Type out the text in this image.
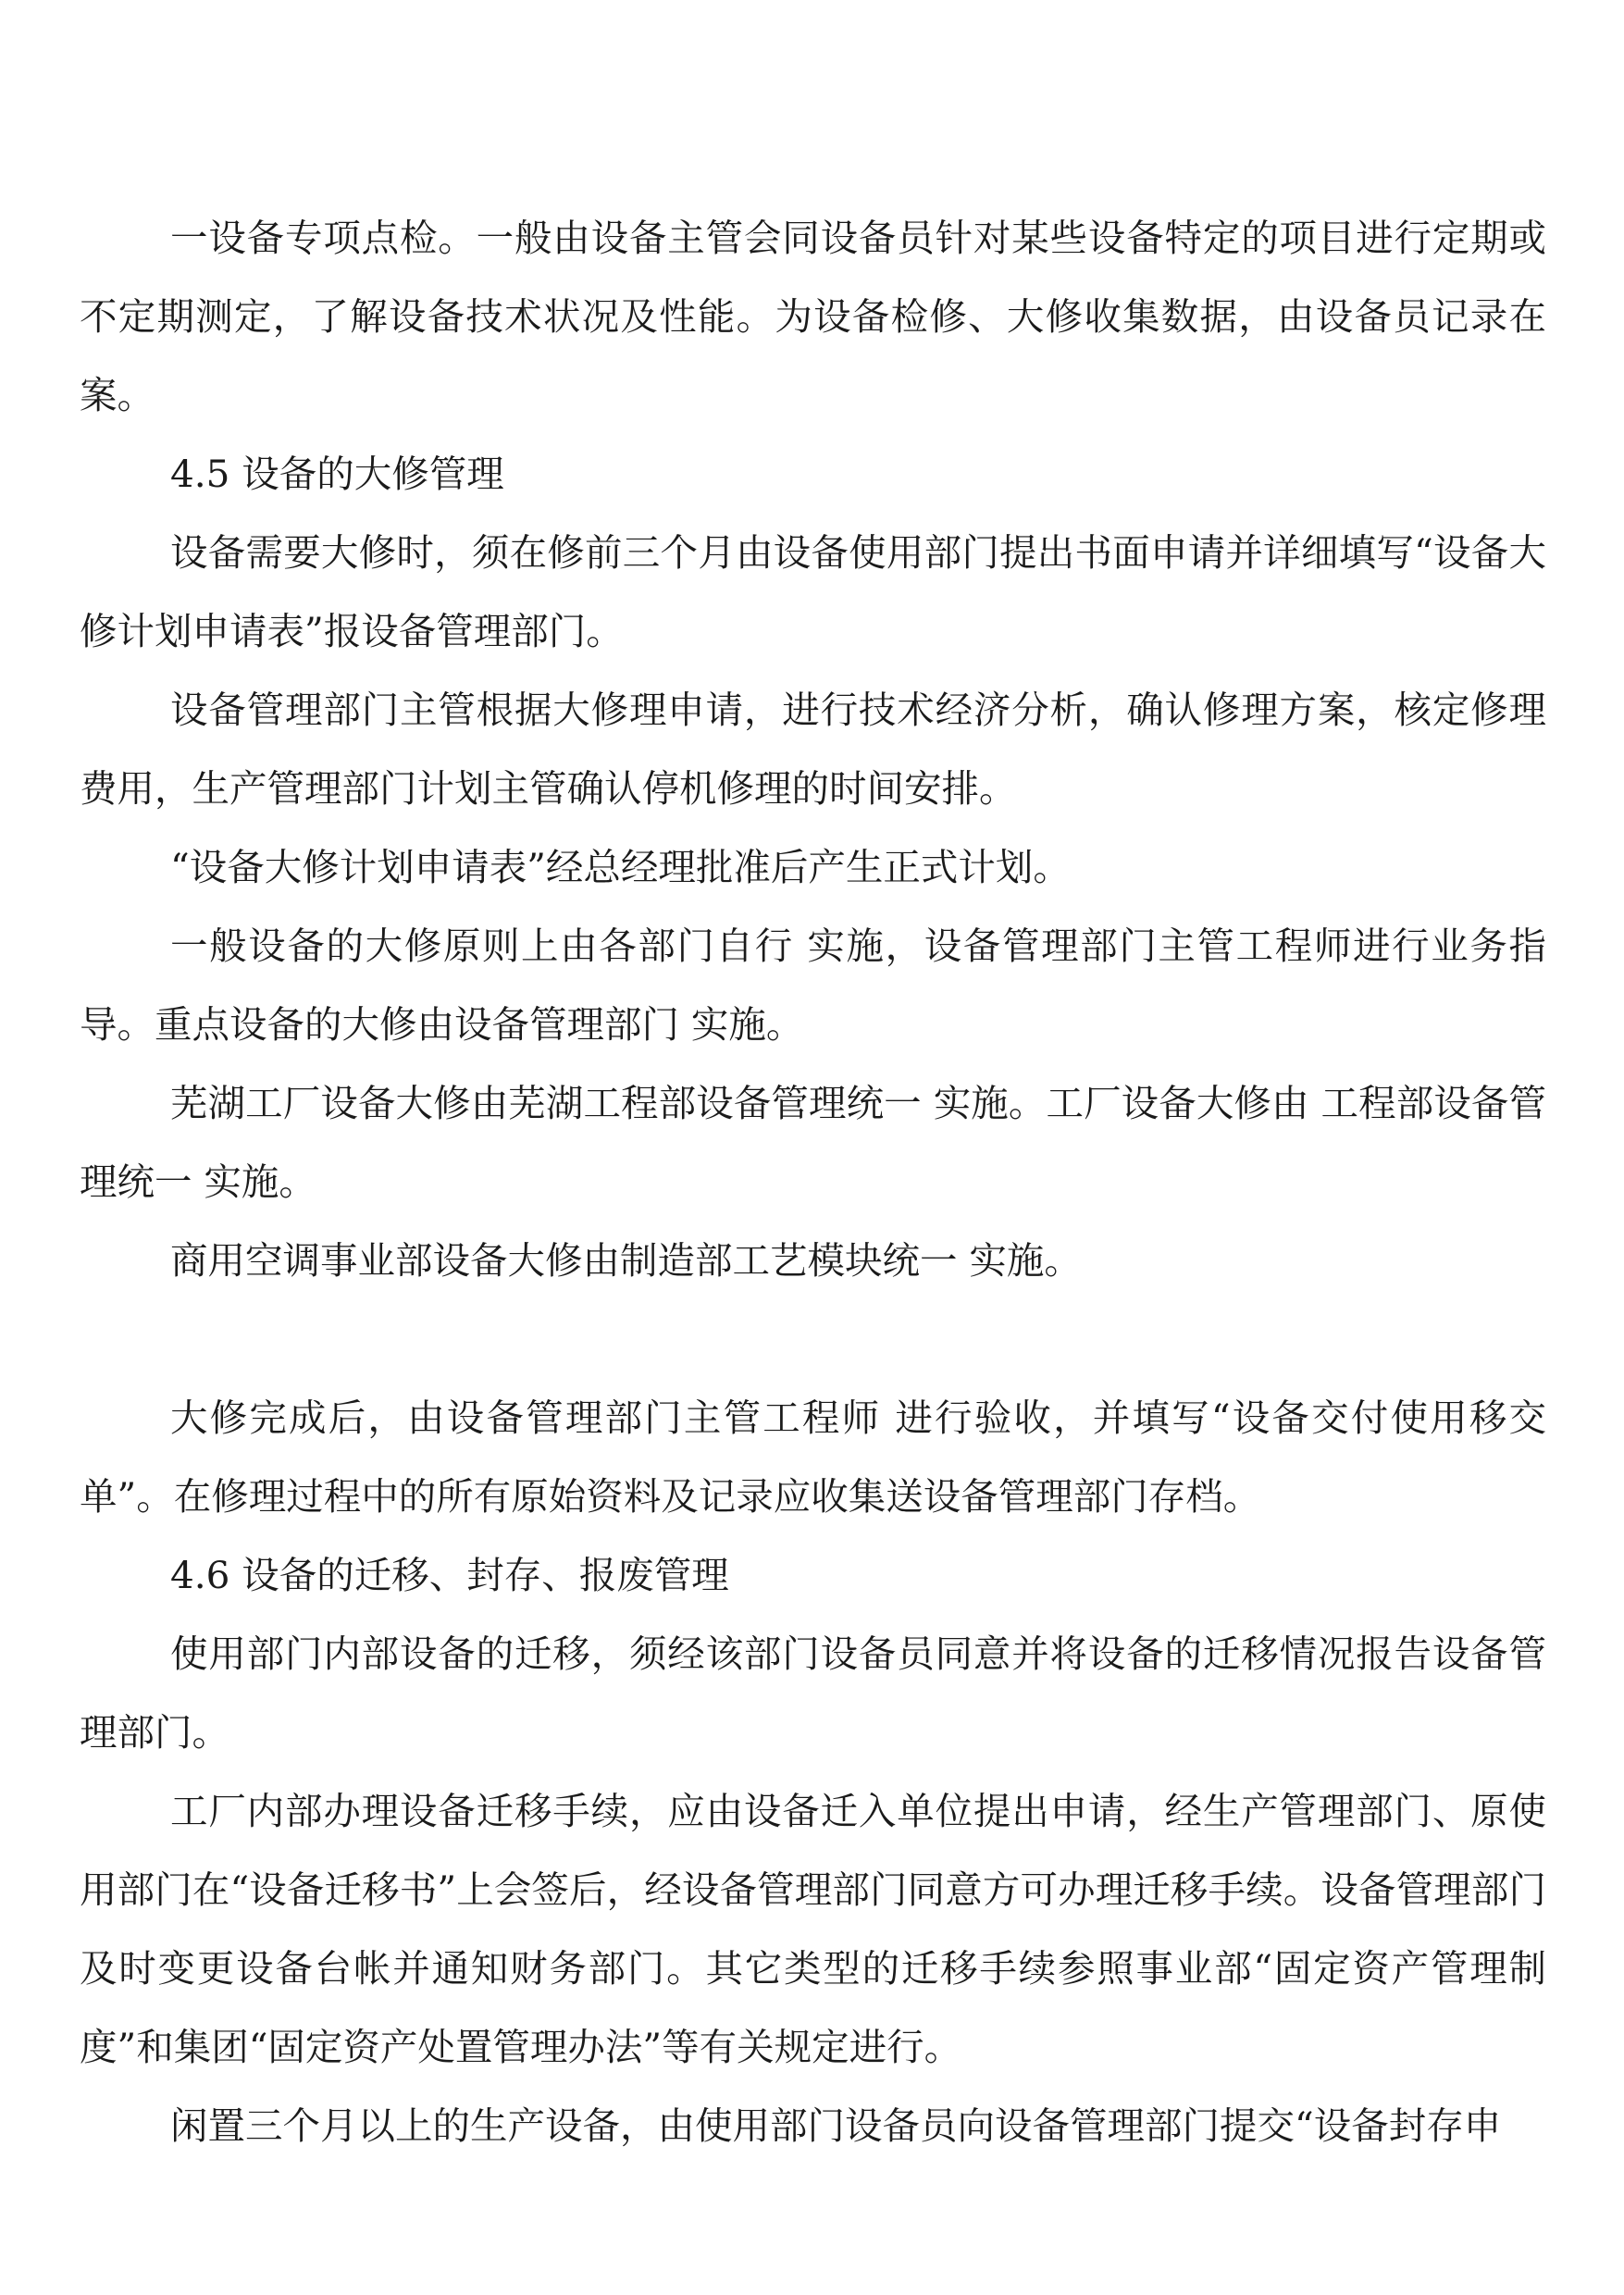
一设备专项点检。一般由设备主管会同设备员针对某些设备特定的项目进行定期或不定期测定，了解设备技术状况及性能。为设备检修、大修收集数据，由设备员记录在案。

4.5 设备的大修管理

设备需要大修时，须在修前三个月由设备使用部门提出书面申请并详细填写“设备大修计划申请表”报设备管理部门。

设备管理部门主管根据大修理申请，进行技术经济分析，确认修理方案，核定修理费用，生产管理部门计划主管确认停机修理的时间安排。

“设备大修计划申请表”经总经理批准后产生正式计划。

一般设备的大修原则上由各部门自行 实施，设备管理部门主管工程师进行业务指导。重点设备的大修由设备管理部门 实施。

芜湖工厂设备大修由芜湖工程部设备管理统一 实施。工厂设备大修由 工程部设备管理统一 实施。

商用空调事业部设备大修由制造部工艺模块统一 实施。

大修完成后，由设备管理部门主管工程师 进行验收，并填写“设备交付使用移交单”。在修理过程中的所有原始资料及记录应收集送设备管理部门存档。

4.6 设备的迁移、封存、报废管理

使用部门内部设备的迁移，须经该部门设备员同意并将设备的迁移情况报告设备管理部门。

工厂内部办理设备迁移手续，应由设备迁入单位提出申请，经生产管理部门、原使用部门在“设备迁移书”上会签后，经设备管理部门同意方可办理迁移手续。设备管理部门及时变更设备台帐并通知财务部门。其它类型的迁移手续参照事业部“固定资产管理制度”和集团“固定资产处置管理办法”等有关规定进行。

闲置三个月以上的生产设备，由使用部门设备员向设备管理部门提交“设备封存申
